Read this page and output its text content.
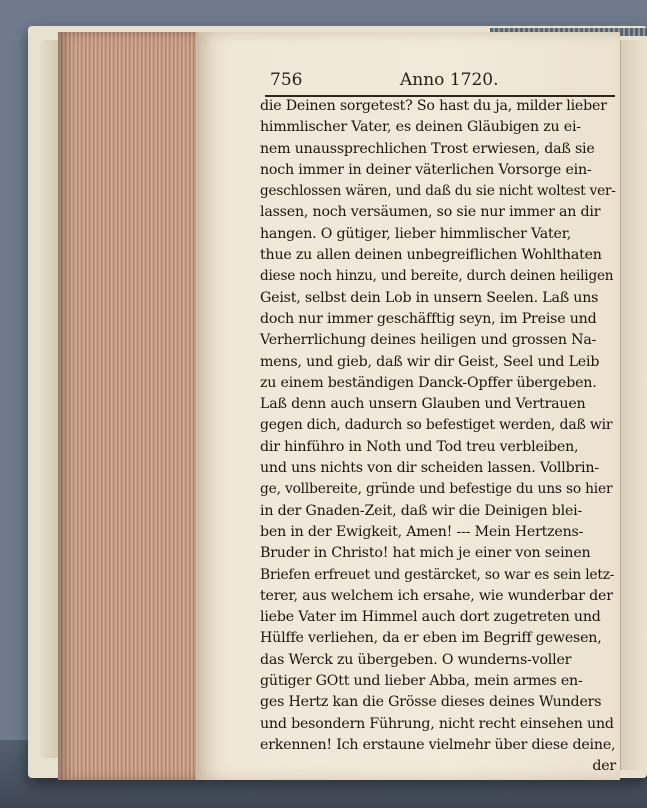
756	Anno 1720.
die Deinen sorgetest? So hast du ja, milder lieber
himmlischer Vater, es deinen Gläubigen zu ei-
nem unaussprechlichen Trost erwiesen, daß sie
noch immer in deiner väterlichen Vorsorge ein-
geschlossen wären, und daß du sie nicht woltest ver-
lassen, noch versäumen, so sie nur immer an dir
hangen. O gütiger, lieber himmlischer Vater,
thue zu allen deinen unbegreiflichen Wohlthaten
diese noch hinzu, und bereite, durch deinen heiligen
Geist, selbst dein Lob in unsern Seelen. Laß uns
doch nur immer geschäfftig seyn, im Preise und
Verherrlichung deines heiligen und grossen Na-
mens, und gieb, daß wir dir Geist, Seel und Leib
zu einem beständigen Danck-Opffer übergeben.
Laß denn auch unsern Glauben und Vertrauen
gegen dich, dadurch so befestiget werden, daß wir
dir hinführo in Noth und Tod treu verbleiben,
und uns nichts von dir scheiden lassen. Vollbrin-
ge, vollbereite, gründe und befestige du uns so hier
in der Gnaden-Zeit, daß wir die Deinigen blei-
ben in der Ewigkeit, Amen! --- Mein Hertzens-
Bruder in Christo! hat mich je einer von seinen
Briefen erfreuet und gestärcket, so war es sein letz-
terer, aus welchem ich ersahe, wie wunderbar der
liebe Vater im Himmel auch dort zugetreten und
Hülffe verliehen, da er eben im Begriff gewesen,
das Werck zu übergeben. O wunderns-voller
gütiger GOtt und lieber Abba, mein armes en-
ges Hertz kan die Grösse dieses deines Wunders
und besondern Führung, nicht recht einsehen und
erkennen! Ich erstaune vielmehr über diese deine,
der
